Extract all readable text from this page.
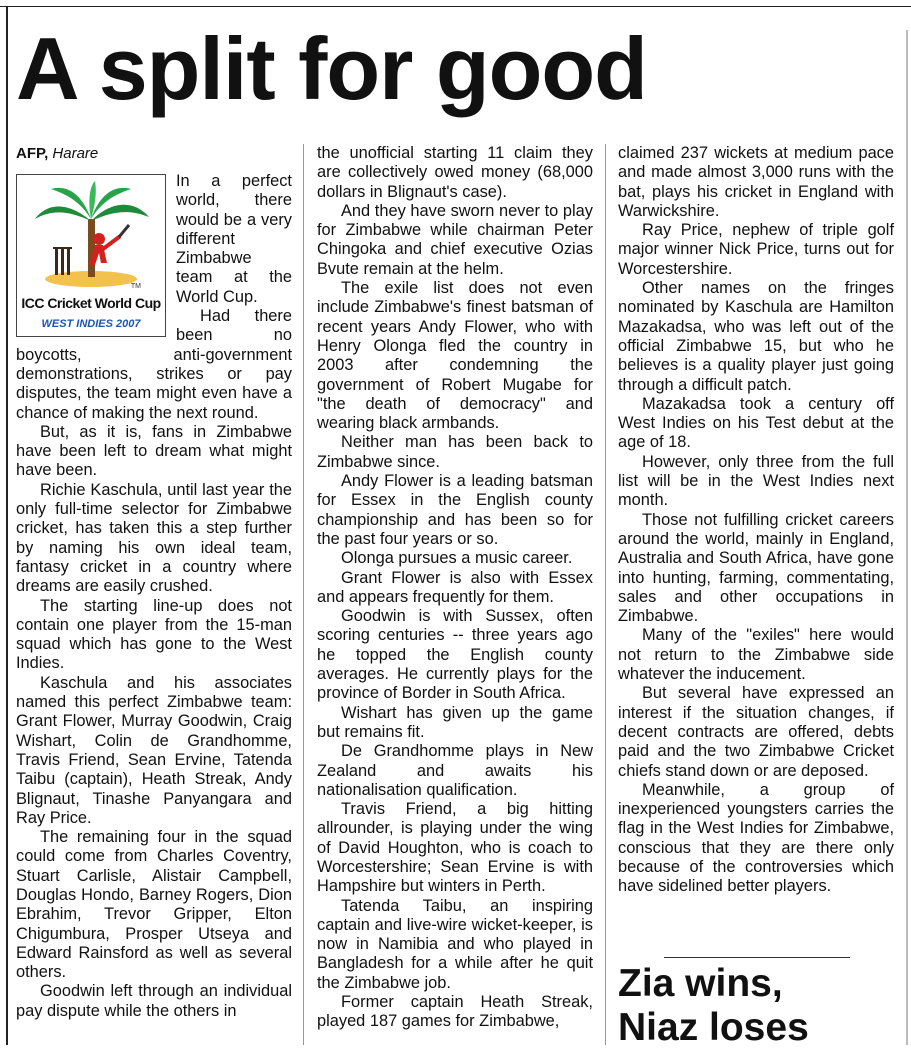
A split for good
AFP, Harare
TM
ICC Cricket World Cup
WEST INDIES 2007

In a perfect world, there would be a very different Zimbabwe team at the World Cup.

Had there been no boycotts, anti-government demonstrations, strikes or pay disputes, the team might even have a chance of making the next round.

But, as it is, fans in Zimbabwe have been left to dream what might have been.

Richie Kaschula, until last year the only full-time selector for Zimbabwe cricket, has taken this a step further by naming his own ideal team, fantasy cricket in a country where dreams are easily crushed.

The starting line-up does not contain one player from the 15-man squad which has gone to the West Indies.

Kaschula and his associates named this perfect Zimbabwe team: Grant Flower, Murray Goodwin, Craig Wishart, Colin de Grandhomme, Travis Friend, Sean Ervine, Tatenda Taibu (captain), Heath Streak, Andy Blignaut, Tinashe Panyangara and Ray Price.

The remaining four in the squad could come from Charles Coventry, Stuart Carlisle, Alistair Campbell, Douglas Hondo, Barney Rogers, Dion Ebrahim, Trevor Gripper, Elton Chigumbura, Prosper Utseya and Edward Rainsford as well as several others.

Goodwin left through an individual pay dispute while the others in

the unofficial starting 11 claim they are collectively owed money (68,000 dollars in Blignaut's case).

And they have sworn never to play for Zimbabwe while chairman Peter Chingoka and chief executive Ozias Bvute remain at the helm.

The exile list does not even include Zimbabwe's finest batsman of recent years Andy Flower, who with Henry Olonga fled the country in 2003 after condemning the government of Robert Mugabe for "the death of democracy" and wearing black armbands.

Neither man has been back to Zimbabwe since.

Andy Flower is a leading batsman for Essex in the English county championship and has been so for the past four years or so.

Olonga pursues a music career.

Grant Flower is also with Essex and appears frequently for them.

Goodwin is with Sussex, often scoring centuries -- three years ago he topped the English county averages. He currently plays for the province of Border in South Africa.

Wishart has given up the game but remains fit.

De Grandhomme plays in New Zealand and awaits his nationalisation qualification.

Travis Friend, a big hitting allrounder, is playing under the wing of David Houghton, who is coach to Worcestershire; Sean Ervine is with Hampshire but winters in Perth.

Tatenda Taibu, an inspiring captain and live-wire wicket-keeper, is now in Namibia and who played in Bangladesh for a while after he quit the Zimbabwe job.

Former captain Heath Streak, played 187 games for Zimbabwe,

claimed 237 wickets at medium pace and made almost 3,000 runs with the bat, plays his cricket in England with Warwickshire.

Ray Price, nephew of triple golf major winner Nick Price, turns out for Worcestershire.

Other names on the fringes nominated by Kaschula are Hamilton Mazakadsa, who was left out of the official Zimbabwe 15, but who he believes is a quality player just going through a difficult patch.

Mazakadsa took a century off West Indies on his Test debut at the age of 18.

However, only three from the full list will be in the West Indies next month.

Those not fulfilling cricket careers around the world, mainly in England, Australia and South Africa, have gone into hunting, farming, commentating, sales and other occupations in Zimbabwe.

Many of the "exiles" here would not return to the Zimbabwe side whatever the inducement.

But several have expressed an interest if the situation changes, if decent contracts are offered, debts paid and the two Zimbabwe Cricket chiefs stand down or are deposed.

Meanwhile, a group of inexperienced youngsters carries the flag in the West Indies for Zimbabwe, conscious that they are there only because of the controversies which have sidelined better players.

Zia wins,
Niaz loses
